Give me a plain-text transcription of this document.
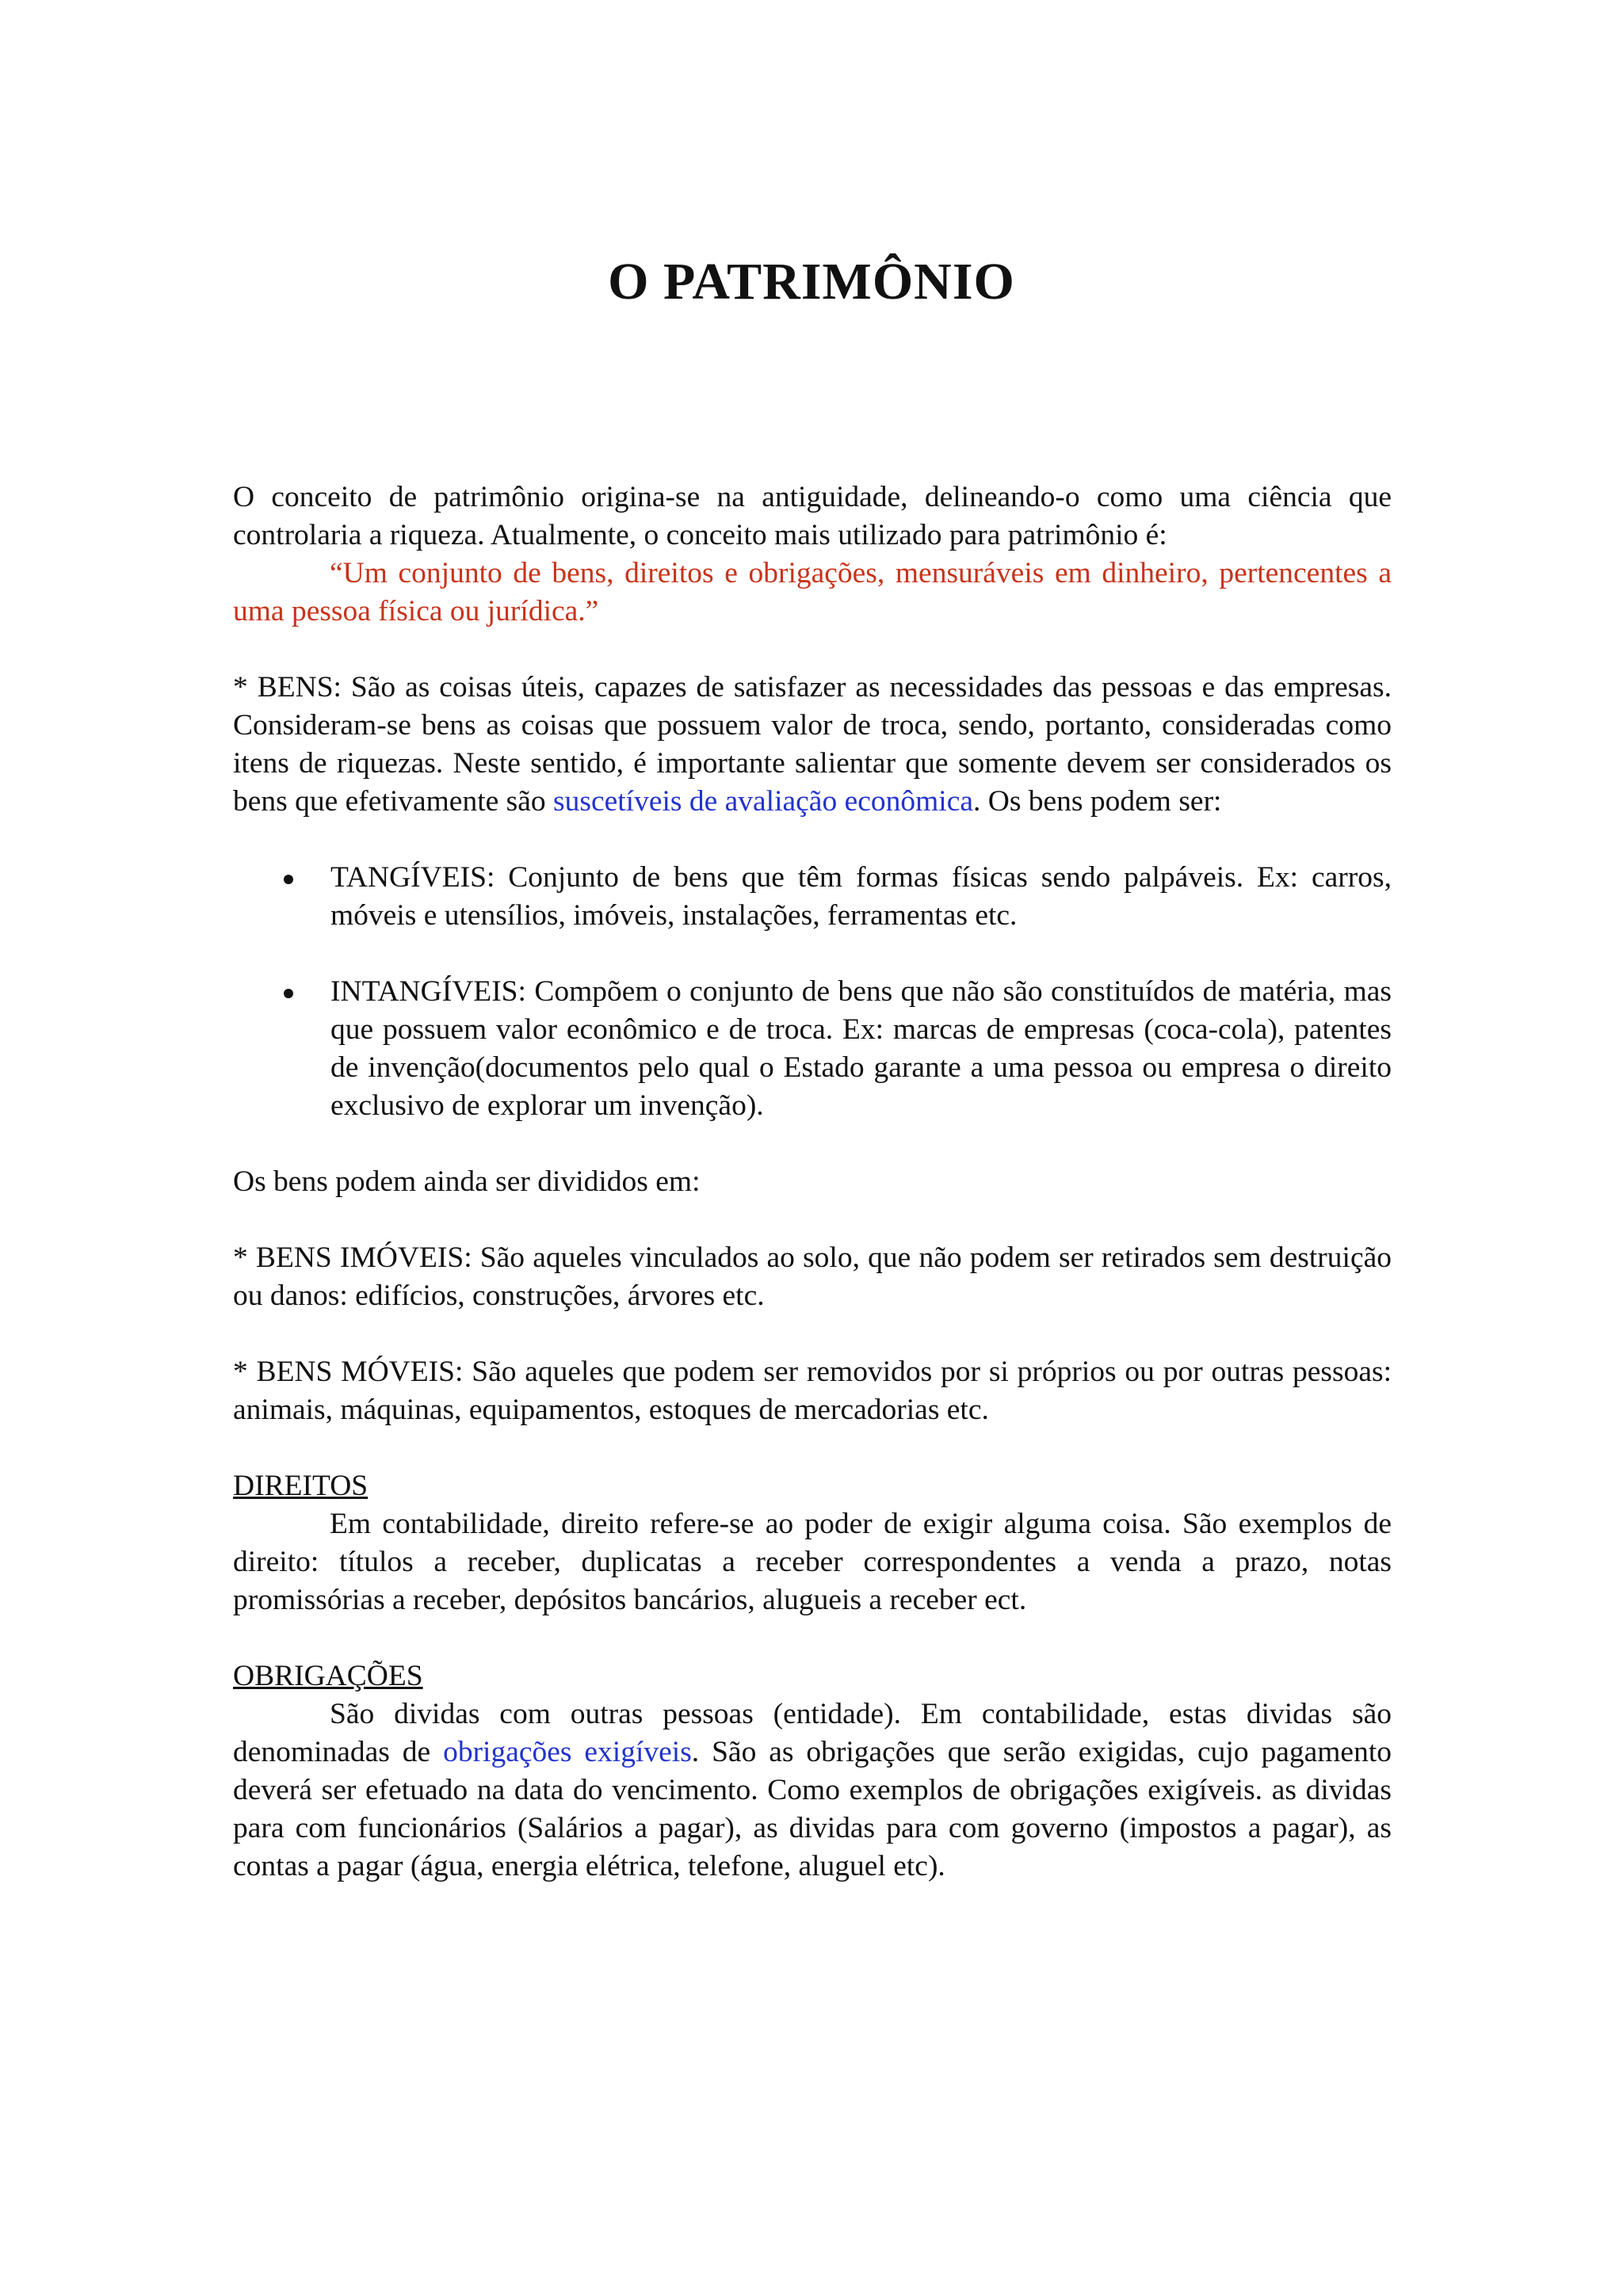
O PATRIMÔNIO

O conceito de patrimônio origina-se na antiguidade, delineando-o como uma ciência que controlaria a riqueza. Atualmente, o conceito mais utilizado para patrimônio é:
“Um conjunto de bens, direitos e obrigações, mensuráveis em dinheiro, pertencentes a uma pessoa física ou jurídica.”

* BENS: São as coisas úteis, capazes de satisfazer as necessidades das pessoas e das empresas. Consideram-se bens as coisas que possuem valor de troca, sendo, portanto, consideradas como itens de riquezas. Neste sentido, é importante salientar que somente devem ser considerados os bens que efetivamente são suscetíveis de avaliação econômica. Os bens podem ser:

TANGÍVEIS: Conjunto de bens que têm formas físicas sendo palpáveis. Ex: carros, móveis e utensílios, imóveis, instalações, ferramentas etc.
INTANGÍVEIS: Compõem o conjunto de bens que não são constituídos de matéria, mas que possuem valor econômico e de troca. Ex: marcas de empresas (coca-cola), patentes de invenção(documentos pelo qual o Estado garante a uma pessoa ou empresa o direito exclusivo de explorar um invenção).

Os bens podem ainda ser divididos em:

* BENS IMÓVEIS: São aqueles vinculados ao solo, que não podem ser retirados sem destruição ou danos: edifícios, construções, árvores etc.

* BENS MÓVEIS: São aqueles que podem ser removidos por si próprios ou por outras pessoas: animais, máquinas, equipamentos, estoques de mercadorias etc.

DIREITOS
Em contabilidade, direito refere-se ao poder de exigir alguma coisa. São exemplos de direito: títulos a receber, duplicatas a receber correspondentes a venda a prazo, notas promissórias a receber, depósitos bancários, alugueis a receber ect.

OBRIGAÇÕES
São dividas com outras pessoas (entidade). Em contabilidade, estas dividas são denominadas de obrigações exigíveis. São as obrigações que serão exigidas, cujo pagamento deverá ser efetuado na data do vencimento. Como exemplos de obrigações exigíveis. as dividas para com funcionários (Salários a pagar), as dividas para com governo (impostos a pagar), as contas a pagar (água, energia elétrica, telefone, aluguel etc).
